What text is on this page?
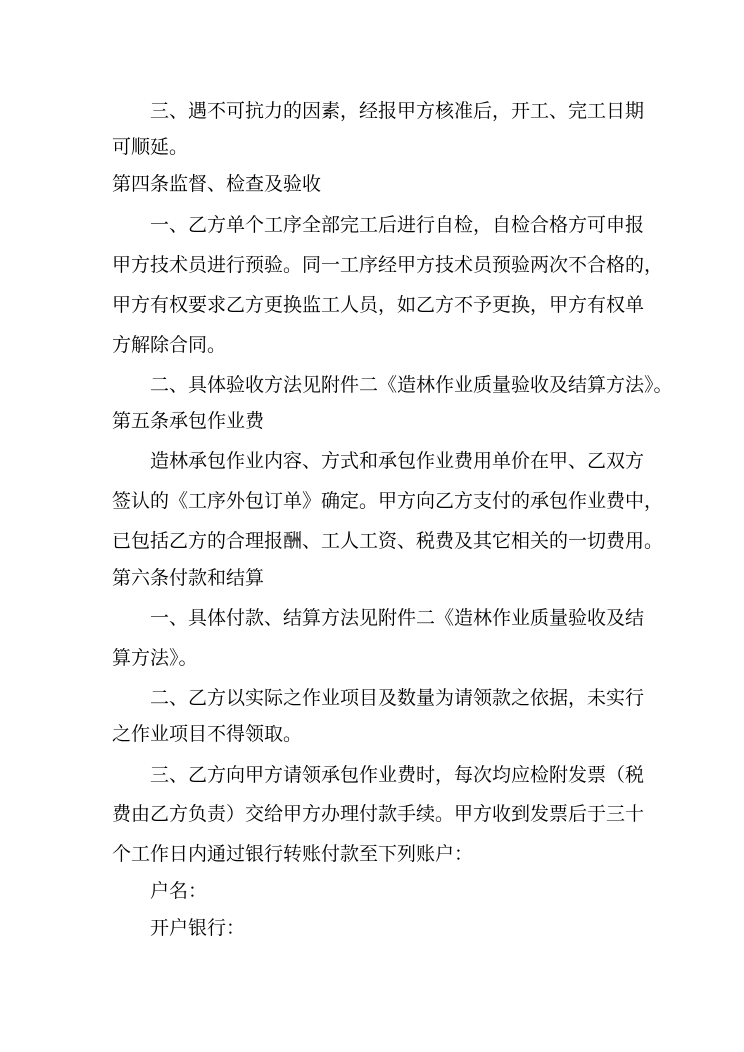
三、遇不可抗力的因素，经报甲方核准后，开工、完工日期

可顺延。

第四条监督、检查及验收

一、乙方单个工序全部完工后进行自检，自检合格方可申报

甲方技术员进行预验。同一工序经甲方技术员预验两次不合格的，

甲方有权要求乙方更换监工人员，如乙方不予更换，甲方有权单

方解除合同。

二、具体验收方法见附件二《造林作业质量验收及结算方法》。

第五条承包作业费

造林承包作业内容、方式和承包作业费用单价在甲、乙双方

签认的《工序外包订单》确定。甲方向乙方支付的承包作业费中，

已包括乙方的合理报酬、工人工资、税费及其它相关的一切费用。

第六条付款和结算

一、具体付款、结算方法见附件二《造林作业质量验收及结

算方法》。

二、乙方以实际之作业项目及数量为请领款之依据，未实行

之作业项目不得领取。

三、乙方向甲方请领承包作业费时，每次均应检附发票（税

费由乙方负责）交给甲方办理付款手续。甲方收到发票后于三十

个工作日内通过银行转账付款至下列账户：

户名：

开户银行：
